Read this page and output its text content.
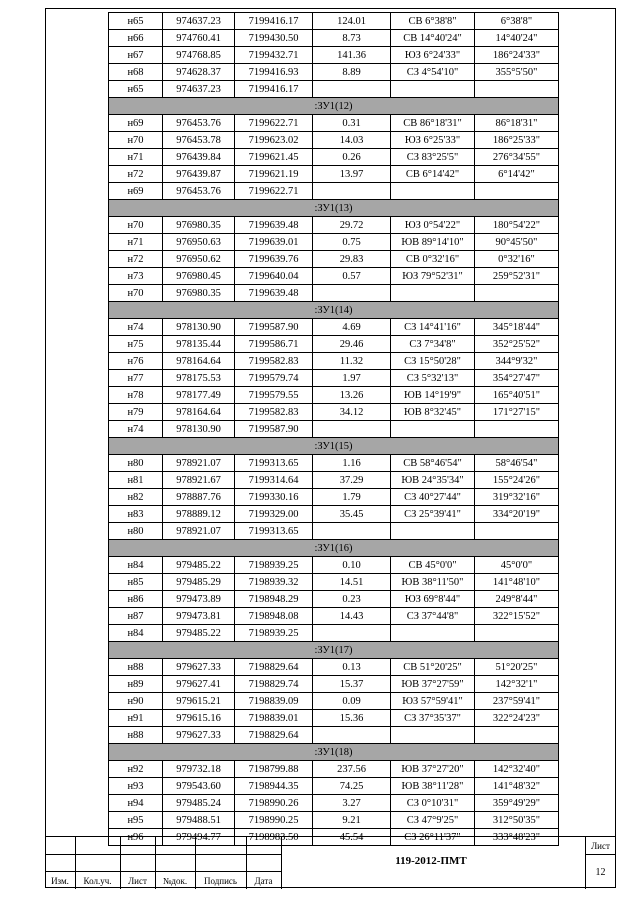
н65	974637.23	7199416.17	124.01	СВ 6°38'8"	6°38'8"
н66	974760.41	7199430.50	8.73	СВ 14°40'24"	14°40'24"
н67	974768.85	7199432.71	141.36	ЮЗ 6°24'33"	186°24'33"
н68	974628.37	7199416.93	8.89	СЗ 4°54'10"	355°5'50"
н65	974637.23	7199416.17			
:ЗУ1(12)					
н69	976453.76	7199622.71	0.31	СВ 86°18'31"	86°18'31"
н70	976453.78	7199623.02	14.03	ЮЗ 6°25'33"	186°25'33"
н71	976439.84	7199621.45	0.26	СЗ 83°25'5"	276°34'55"
н72	976439.87	7199621.19	13.97	СВ 6°14'42"	6°14'42"
н69	976453.76	7199622.71			
:ЗУ1(13)					
н70	976980.35	7199639.48	29.72	ЮЗ 0°54'22"	180°54'22"
н71	976950.63	7199639.01	0.75	ЮВ 89°14'10"	90°45'50"
н72	976950.62	7199639.76	29.83	СВ 0°32'16"	0°32'16"
н73	976980.45	7199640.04	0.57	ЮЗ 79°52'31"	259°52'31"
н70	976980.35	7199639.48			
:ЗУ1(14)					
н74	978130.90	7199587.90	4.69	СЗ 14°41'16"	345°18'44"
н75	978135.44	7199586.71	29.46	СЗ 7°34'8"	352°25'52"
н76	978164.64	7199582.83	11.32	СЗ 15°50'28"	344°9'32"
н77	978175.53	7199579.74	1.97	СЗ 5°32'13"	354°27'47"
н78	978177.49	7199579.55	13.26	ЮВ 14°19'9"	165°40'51"
н79	978164.64	7199582.83	34.12	ЮВ 8°32'45"	171°27'15"
н74	978130.90	7199587.90			
:ЗУ1(15)					
н80	978921.07	7199313.65	1.16	СВ 58°46'54"	58°46'54"
н81	978921.67	7199314.64	37.29	ЮВ 24°35'34"	155°24'26"
н82	978887.76	7199330.16	1.79	СЗ 40°27'44"	319°32'16"
н83	978889.12	7199329.00	35.45	СЗ 25°39'41"	334°20'19"
н80	978921.07	7199313.65			
:ЗУ1(16)					
н84	979485.22	7198939.25	0.10	СВ 45°0'0"	45°0'0"
н85	979485.29	7198939.32	14.51	ЮВ 38°11'50"	141°48'10"
н86	979473.89	7198948.29	0.23	ЮЗ 69°8'44"	249°8'44"
н87	979473.81	7198948.08	14.43	СЗ 37°44'8"	322°15'52"
н84	979485.22	7198939.25			
:ЗУ1(17)					
н88	979627.33	7198829.64	0.13	СВ 51°20'25"	51°20'25"
н89	979627.41	7198829.74	15.37	ЮВ 37°27'59"	142°32'1"
н90	979615.21	7198839.09	0.09	ЮЗ 57°59'41"	237°59'41"
н91	979615.16	7198839.01	15.36	СЗ 37°35'37"	322°24'23"
н88	979627.33	7198829.64			
:ЗУ1(18)					
н92	979732.18	7198799.88	237.56	ЮВ 37°27'20"	142°32'40"
н93	979543.60	7198944.35	74.25	ЮВ 38°11'28"	141°48'32"
н94	979485.24	7198990.26	3.27	СЗ 0°10'31"	359°49'29"
н95	979488.51	7198990.25	9.21	СЗ 47°9'25"	312°50'35"
н96	979494.77	7198983.50	45.54	СЗ 26°11'37"	333°48'23"
.
Изм.	Кол.уч.	Лист	№док.	Подпись	Дата
119-2012-ПМТ
Лист
12
